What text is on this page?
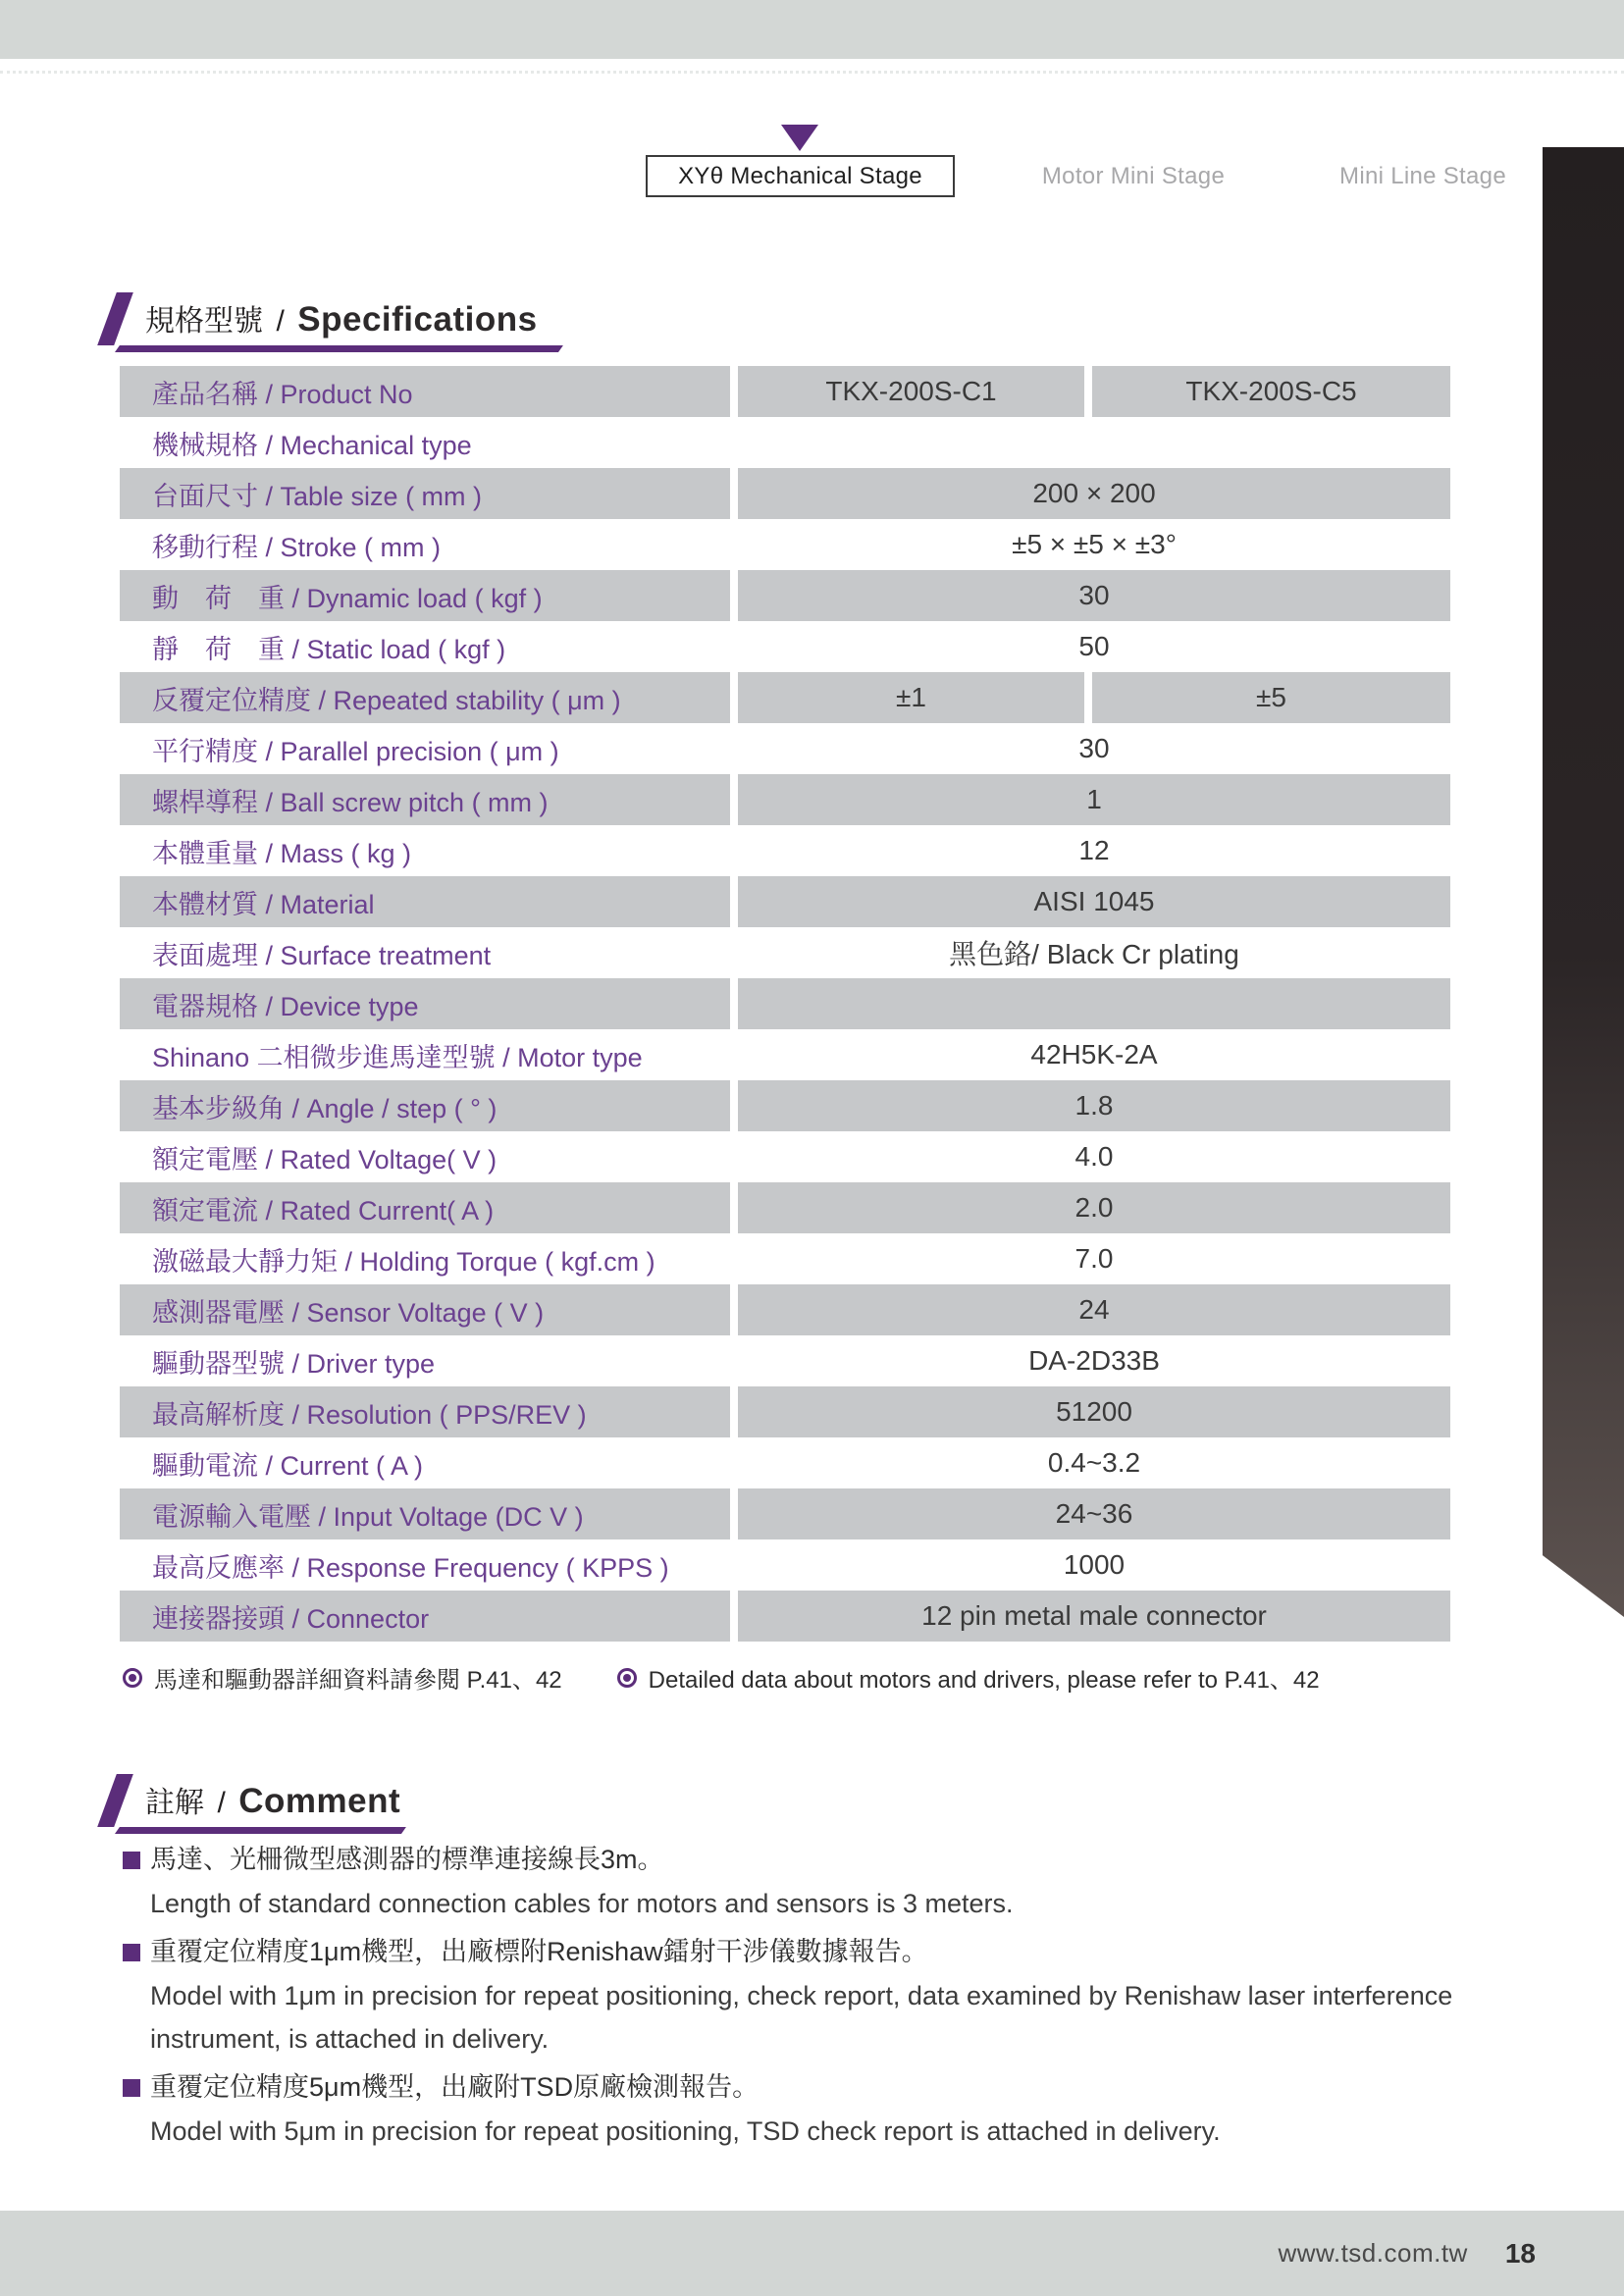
XYθ Mechanical Stage	Motor Mini Stage	Mini Line Stage
規格型號 / Specifications
產品名稱 / Product No	TKX-200S-C1	TKX-200S-C5
機械規格 / Mechanical type
台面尺寸 / Table size ( mm )	200 × 200
移動行程 / Stroke ( mm )	±5 × ±5 × ±3°
動 荷 重 / Dynamic load ( kgf )	30
靜 荷 重 / Static load ( kgf )	50
反覆定位精度 / Repeated stability ( μm )	±1	±5
平行精度 / Parallel precision ( μm )	30
螺桿導程 / Ball screw pitch ( mm )	1
本體重量 / Mass ( kg )	12
本體材質 / Material	AISI 1045
表面處理 / Surface treatment	黑色鉻/ Black Cr plating
電器規格 / Device type
Shinano 二相微步進馬達型號 / Motor type	42H5K-2A
基本步級角 / Angle / step ( ° )	1.8
額定電壓 / Rated Voltage( V )	4.0
額定電流 / Rated Current( A )	2.0
激磁最大靜力矩 / Holding Torque ( kgf.cm )	7.0
感測器電壓 / Sensor Voltage ( V )	24
驅動器型號 / Driver type	DA-2D33B
最高解析度 / Resolution ( PPS/REV )	51200
驅動電流 / Current ( A )	0.4~3.2
電源輸入電壓 / Input Voltage (DC V )	24~36
最高反應率 / Response Frequency ( KPPS )	1000
連接器接頭 / Connector	12 pin metal male connector
馬達和驅動器詳細資料請參閱 P.41、42	Detailed data about motors and drivers, please refer to P.41、42
註解 / Comment
馬達、光柵微型感測器的標準連接線長3m。
Length of standard connection cables for motors and sensors is 3 meters.
重覆定位精度1μm機型，出廠標附Renishaw鐳射干涉儀數據報告。
Model with 1μm in precision for repeat positioning, check report, data examined by Renishaw laser interference instrument, is attached in delivery.
重覆定位精度5μm機型，出廠附TSD原廠檢測報告。
Model with 5μm in precision for repeat positioning, TSD check report is attached in delivery.
www.tsd.com.tw 18
